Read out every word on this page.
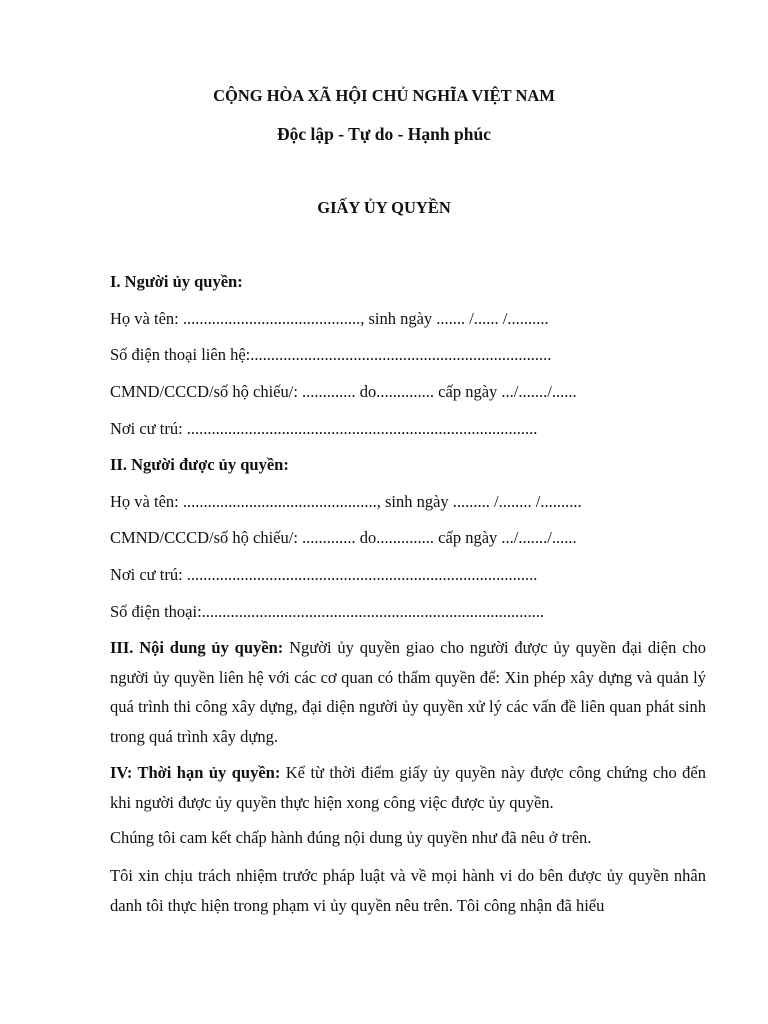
CỘNG HÒA XÃ HỘI CHỦ NGHĨA VIỆT NAM
Độc lập - Tự do - Hạnh phúc
GIẤY ỦY QUYỀN
I. Người ủy quyền:
Họ và tên: ..........................................., sinh ngày ....... /...... /..........
Số điện thoại liên hệ:.........................................................................
CMND/CCCD/số hộ chiếu/: ............. do.............. cấp ngày .../......./......
Nơi cư trú: .....................................................................................
II. Người được ủy quyền:
Họ và tên: ..............................................., sinh ngày ......... /........ /..........
CMND/CCCD/số hộ chiếu/: ............. do.............. cấp ngày .../......./......
Nơi cư trú: .....................................................................................
Số điện thoại:...................................................................................
III. Nội dung ủy quyền: Người ủy quyền giao cho người được ủy quyền đại diện cho người ủy quyền liên hệ với các cơ quan có thẩm quyền để: Xin phép xây dựng và quản lý quá trình thi công xây dựng, đại diện người ủy quyền xử lý các vấn đề liên quan phát sinh trong quá trình xây dựng.
IV: Thời hạn ủy quyền: Kể từ thời điểm giấy ủy quyền này được công chứng cho đến khi người được ủy quyền thực hiện xong công việc được ủy quyền.
Chúng tôi cam kết chấp hành đúng nội dung ủy quyền như đã nêu ở trên.
Tôi xin chịu trách nhiệm trước pháp luật và về mọi hành vi do bên được ủy quyền nhân danh tôi thực hiện trong phạm vi ủy quyền nêu trên. Tôi công nhận đã hiểu
